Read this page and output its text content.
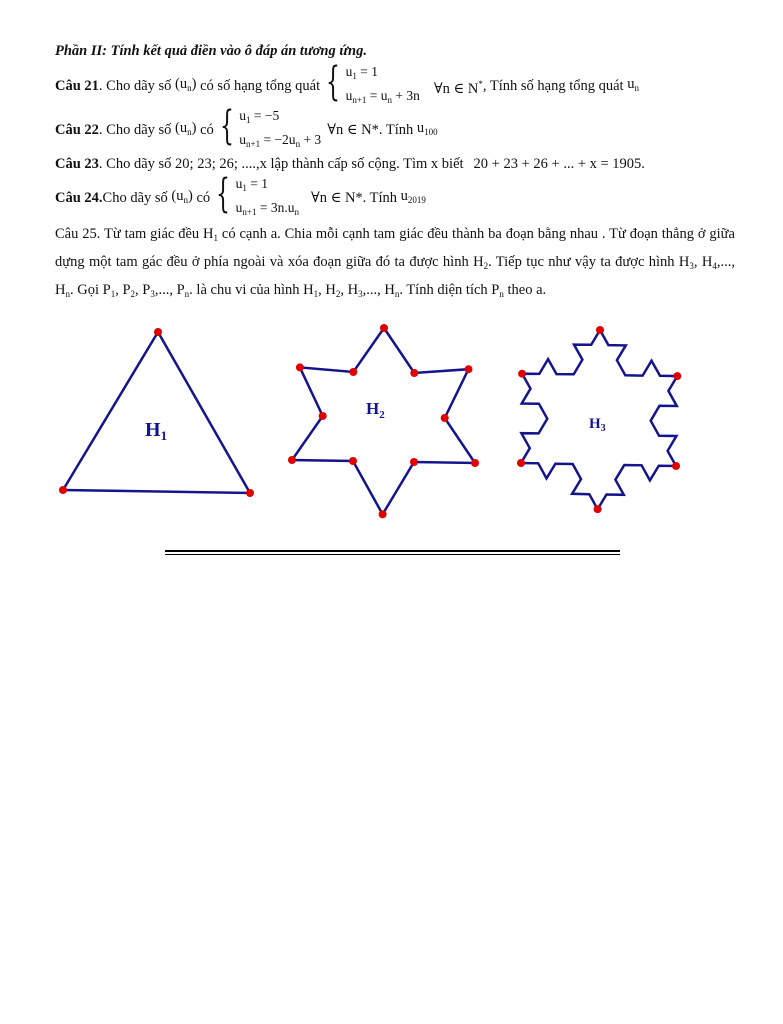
Phần II: Tính kết quả điền vào ô đáp án tương ứng.

Câu 21 . Cho dãy số
$(u_n)$
có số hạng tổng quát { $u_1 = 1$
$u_{n+1} = u_n + 3n$ ∀n ∈ N* , Tính số hạng tổng quát
$u_n$
Câu 22 . Cho dãy số
$(u_n)$
có { $u_1 = -5$
$u_{n+1} = -2u_n + 3$
∀n ∈ N*. Tính
$u_{100}$
Câu 23 . Cho dãy số 20; 23; 26; ....,x lập thành cấp số cộng. Tìm x biết 20 + 23 + 26 + ... + x = 1905.
Câu 24. Cho dãy số
$(u_n)$
có { $u_1 = 1$
$u_{n+1} = 3n.u_n$
∀n ∈ N*. Tính
$u_{2019}$

Câu 25. Từ tam giác đều $H_1$ có cạnh a. Chia mỗi cạnh tam giác đều thành ba đoạn bằng nhau . Từ đoạn thẳng ở giữa dựng một tam gác đều ở phía ngoài và xóa đoạn giữa đó ta được hình $H_2$. Tiếp tục như vậy ta được hình $H_3$, $H_4$,..., $H_n$. Gọi $P_1$, $P_2$, $P_3$,..., $P_n$. là chu vi của hình $H_1$, $H_2$, $H_3$,..., $H_n$. Tính diện tích $P_n$ theo a.

$H_1$
$H_2$
$H_3$
